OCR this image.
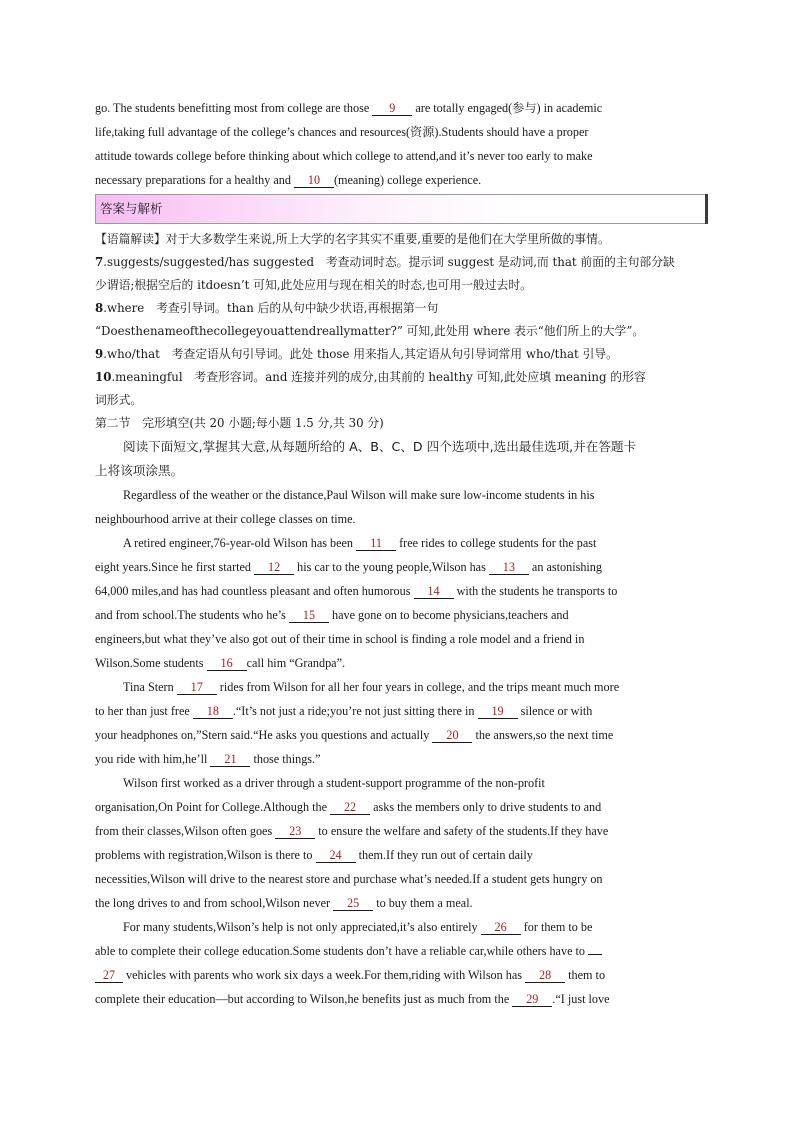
go. The students benefitting most from college are those 9 are totally engaged(参与) in academic
life,taking full advantage of the college’s chances and resources(资源).Students should have a proper
attitude towards college before thinking about which college to attend,and it’s never too early to make
necessary preparations for a healthy and 10 (meaning) college experience.
答案与解析
【语篇解读】对于大多数学生来说,所上大学的名字其实不重要,重要的是他们在大学里所做的事情。
7.suggests/suggested/has suggested　考查动词时态。提示词 suggest 是动词,而 that 前面的主句部分缺
少谓语;根据空后的 itdoesn’t 可知,此处应用与现在相关的时态,也可用一般过去时。
8.where　考查引导词。than 后的从句中缺少状语,再根据第一句
“Doesthenameofthecollegeyouattendreallymatter?” 可知,此处用 where 表示“他们所上的大学”。
9.who/that　考查定语从句引导词。此处 those 用来指人,其定语从句引导词常用 who/that 引导。
10.meaningful　考查形容词。and 连接并列的成分,由其前的 healthy 可知,此处应填 meaning 的形容
词形式。
第二节　完形填空(共 20 小题;每小题 1.5 分,共 30 分)
阅读下面短文,掌握其大意,从每题所给的 A、B、C、D 四个选项中,选出最佳选项,并在答题卡
上将该项涂黑。
Regardless of the weather or the distance,Paul Wilson will make sure low-income students in his
neighbourhood arrive at their college classes on time.
A retired engineer,76-year-old Wilson has been 11 free rides to college students for the past
eight years.Since he first started 12 his car to the young people,Wilson has 13 an astonishing
64,000 miles,and has had countless pleasant and often humorous 14 with the students he transports to
and from school.The students who he’s 15 have gone on to become physicians,teachers and
engineers,but what they’ve also got out of their time in school is finding a role model and a friend in
Wilson.Some students 16 call him “Grandpa”.
Tina Stern 17 rides from Wilson for all her four years in college, and the trips meant much more
to her than just free 18 .“It’s not just a ride;you’re not just sitting there in 19 silence or with
your headphones on,”Stern said.“He asks you questions and actually 20 the answers,so the next time
you ride with him,he’ll 21 those things.”
Wilson first worked as a driver through a student-support programme of the non-profit
organisation,On Point for College.Although the 22 asks the members only to drive students to and
from their classes,Wilson often goes 23 to ensure the welfare and safety of the students.If they have
problems with registration,Wilson is there to 24 them.If they run out of certain daily
necessities,Wilson will drive to the nearest store and purchase what’s needed.If a student gets hungry on
the long drives to and from school,Wilson never 25 to buy them a meal.
For many students,Wilson’s help is not only appreciated,it’s also entirely 26 for them to be
able to complete their college education.Some students don’t have a reliable car,while others have to
27 vehicles with parents who work six days a week.For them,riding with Wilson has 28 them to
complete their education—but according to Wilson,he benefits just as much from the 29 .“I just love
